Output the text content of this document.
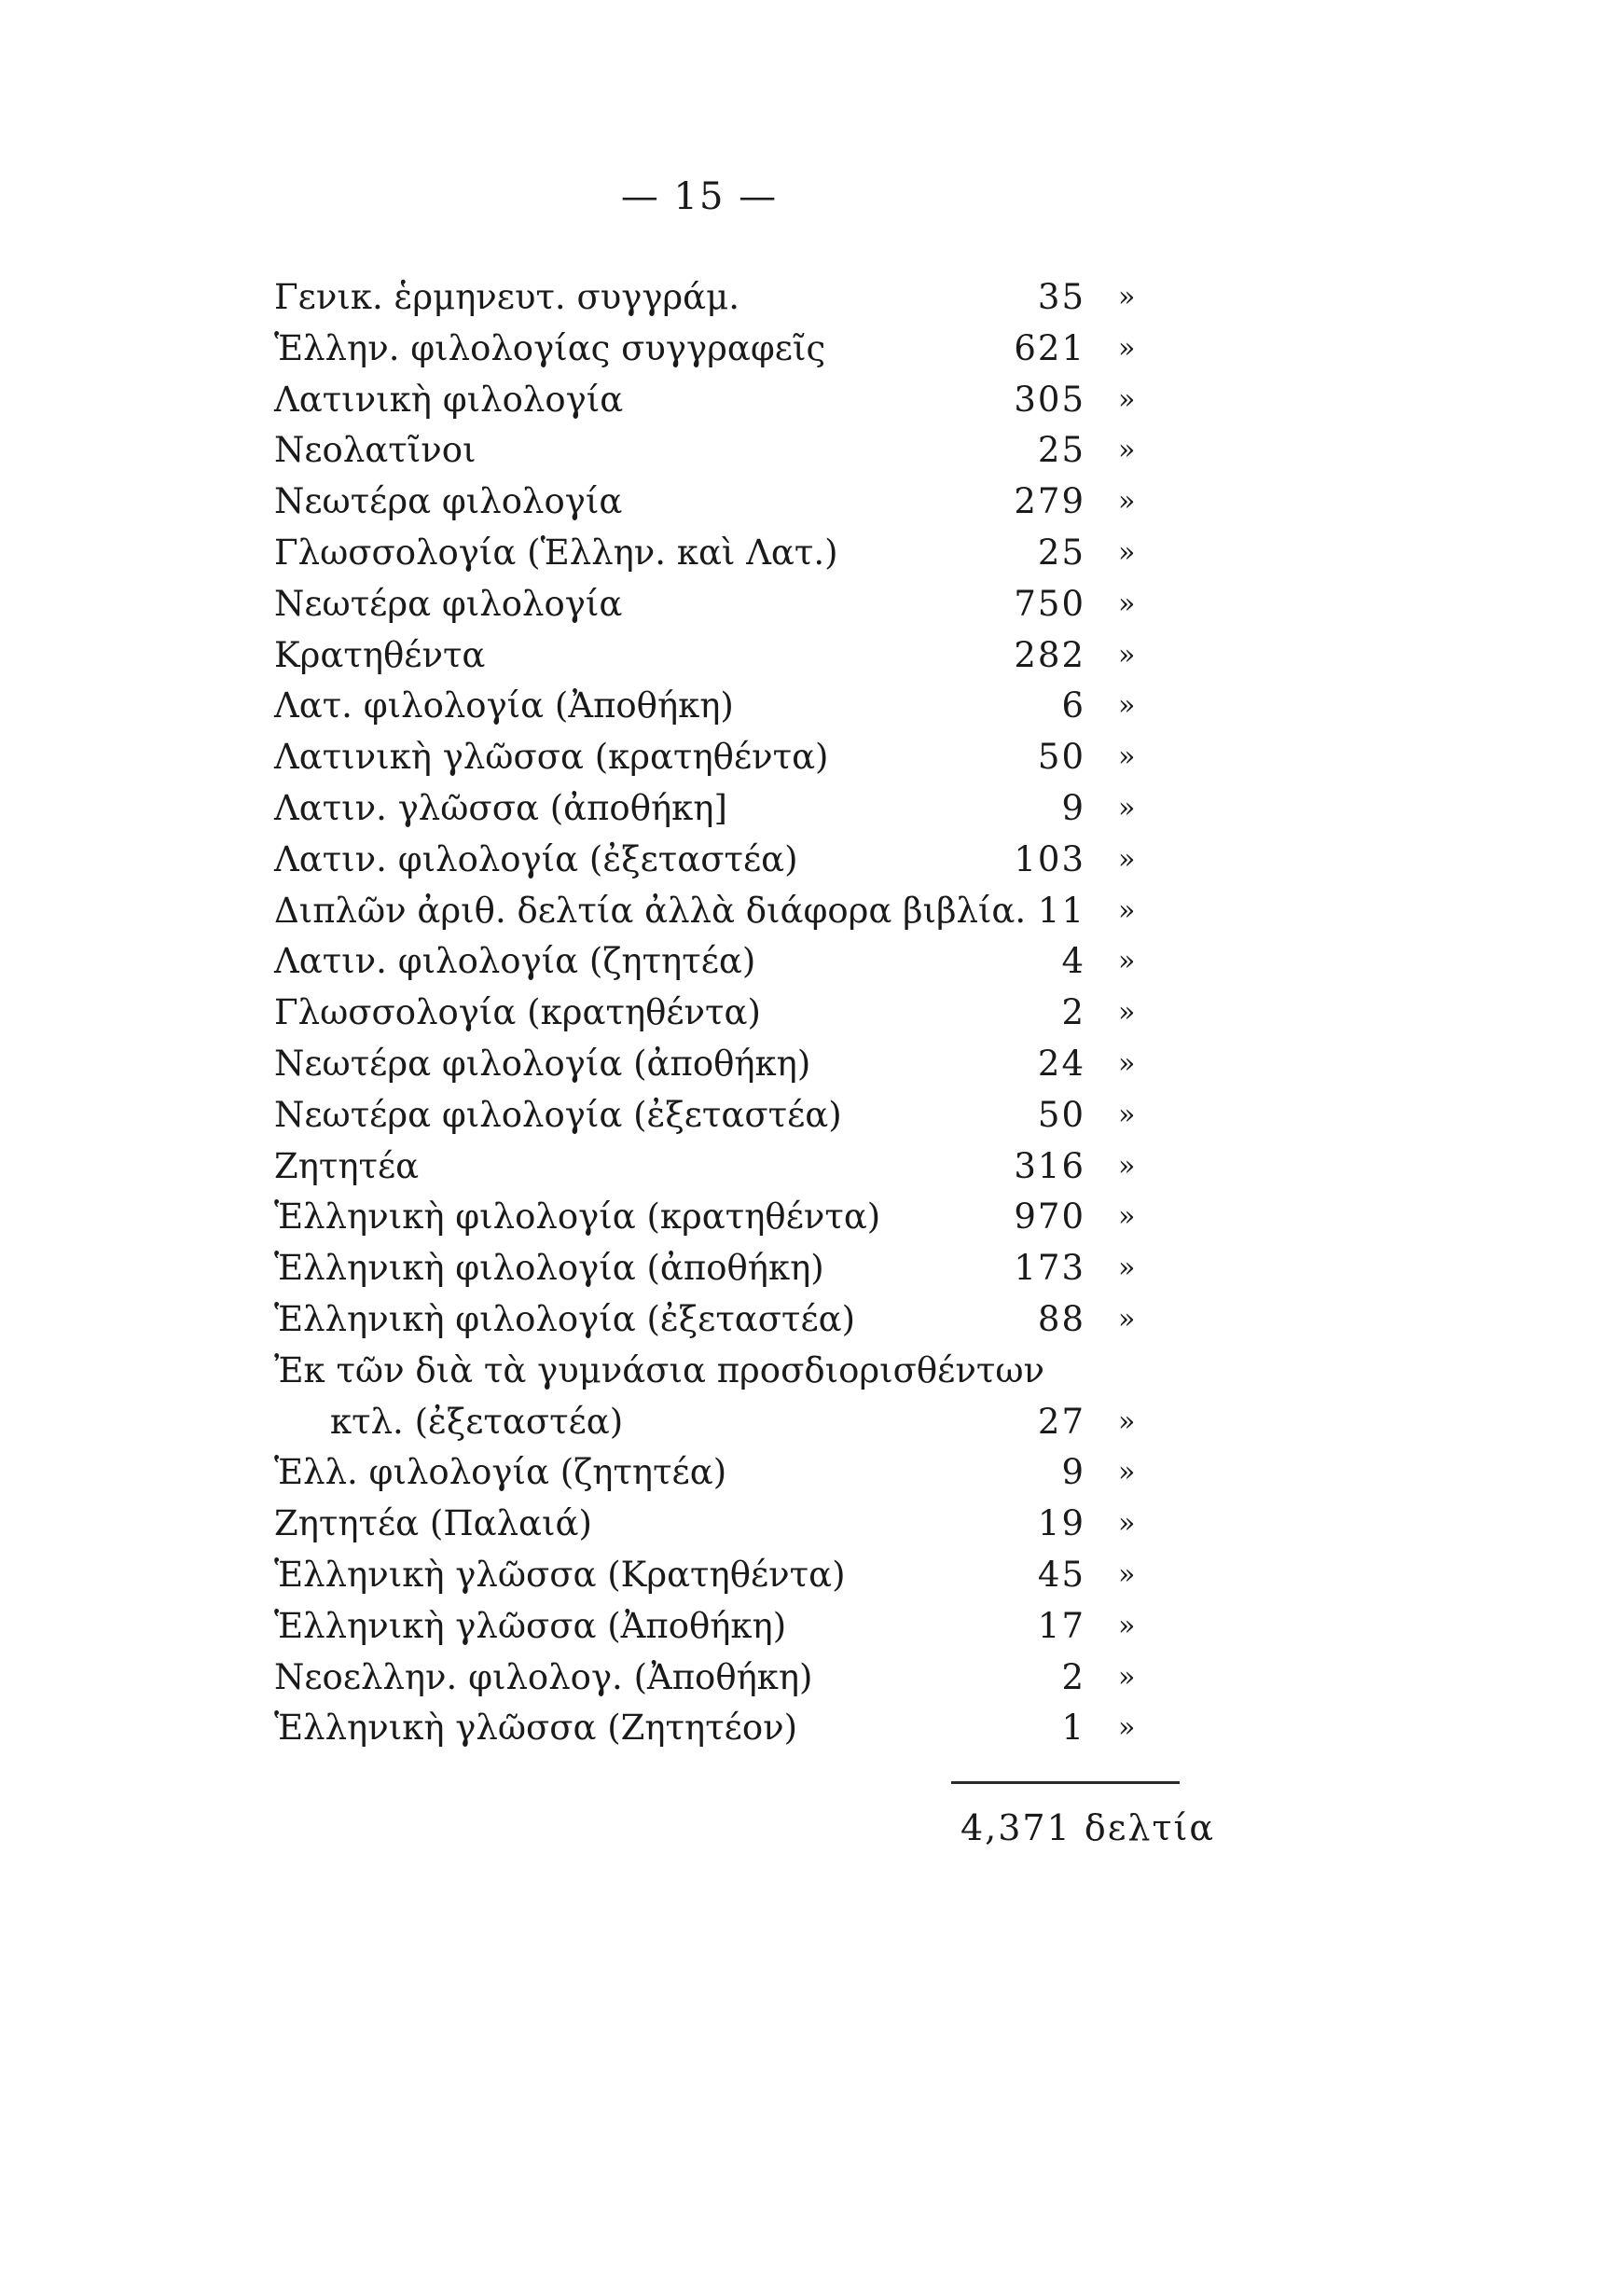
— 15 —
Γενικ. ἑρμηνευτ. συγγράμ.	35 »
Ἑλλην. φιλολογίας συγγραφεῖς	621 »
Λατινικὴ φιλολογία	305 »
Νεολατῖνοι	25 »
Νεωτέρα φιλολογία	279 »
Γλωσσολογία (Ἑλλην. καὶ Λατ.)	25 »
Νεωτέρα φιλολογία	750 »
Κρατηθέντα	282 »
Λατ. φιλολογία (Ἀποθήκη)	6 »
Λατινικὴ γλῶσσα (κρατηθέντα)	50 »
Λατιν. γλῶσσα (ἀποθήκη]	9 »
Λατιν. φιλολογία (ἐξεταστέα)	103 »
Διπλῶν ἀριθ. δελτία ἀλλὰ διάφορα βιβλία. 11 »
Λατιν. φιλολογία (ζητητέα)	4 »
Γλωσσολογία (κρατηθέντα)	2 »
Νεωτέρα φιλολογία (ἀποθήκη)	24 »
Νεωτέρα φιλολογία (ἐξεταστέα)	50 »
Ζητητέα	316 »
Ἑλληνικὴ φιλολογία (κρατηθέντα)	970 »
Ἑλληνικὴ φιλολογία (ἀποθήκη)	173 »
Ἑλληνικὴ φιλολογία (ἐξεταστέα)	88 »
Ἐκ τῶν διὰ τὰ γυμνάσια προσδιορισθέντων
κτλ. (ἐξεταστέα)	27 »
Ἑλλ. φιλολογία (ζητητέα)	9 »
Ζητητέα (Παλαιά)	19 »
Ἑλληνικὴ γλῶσσα (Κρατηθέντα)	45 »
Ἑλληνικὴ γλῶσσα (Ἀποθήκη)	17 »
Νεοελλην. φιλολογ. (Ἀποθήκη)	2 »
Ἑλληνικὴ γλῶσσα (Ζητητέον)	1 »
4,371 δελτία
